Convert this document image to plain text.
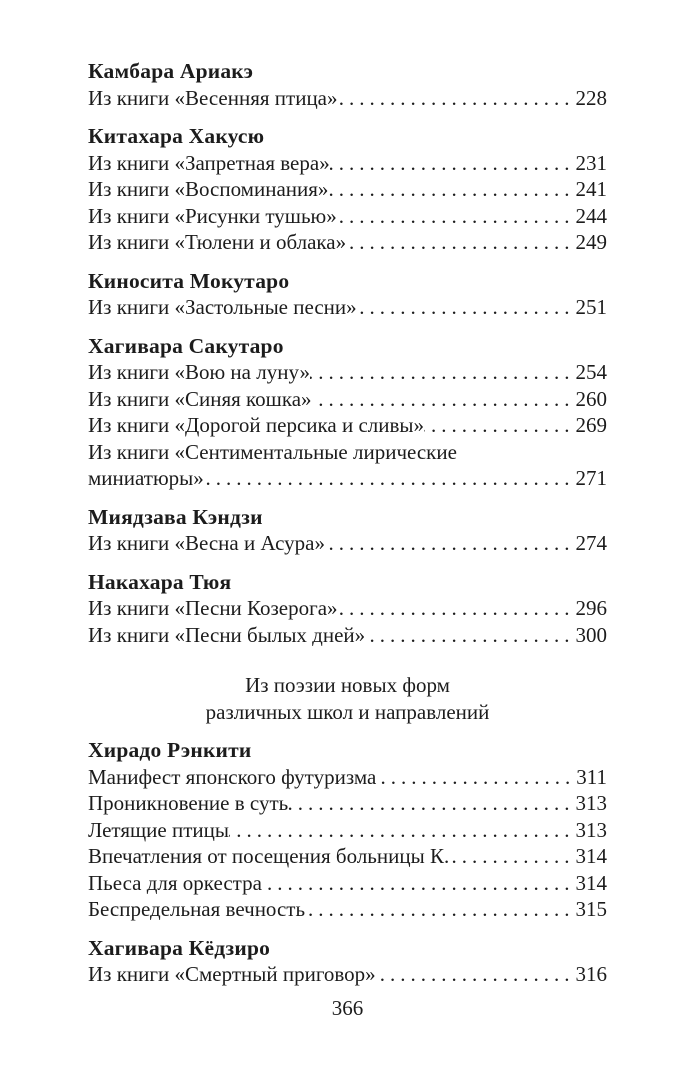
Камбара Ариакэ
Из книги «Весенняя птица» .....	228
Китахара Хакусю
Из книги «Запретная вера» .....	231
Из книги «Воспоминания» .....	241
Из книги «Рисунки тушью» .....	244
Из книги «Тюлени и облака» .....	249
Киносита Мокутаро
Из книги «Застольные песни» .....	251
Хагивара Сакутаро
Из книги «Вою на луну» .....	254
Из книги «Синяя кошка» .....	260
Из книги «Дорогой персика и сливы» .....	269
Из книги «Сентиментальные лирические
миниатюры» .....	271
Миядзава Кэндзи
Из книги «Весна и Асура» .....	274
Накахара Тюя
Из книги «Песни Козерога» .....	296
Из книги «Песни былых дней» .....	300
Из поэзии новых форм
различных школ и направлений
Хирадо Рэнкити
Манифест японского футуризма .....	311
Проникновение в суть .....	313
Летящие птицы .....	313
Впечатления от посещения больницы К. .....	314
Пьеса для оркестра .....	314
Беспредельная вечность .....	315
Хагивара Кёдзиро
Из книги «Смертный приговор» .....	316
366
